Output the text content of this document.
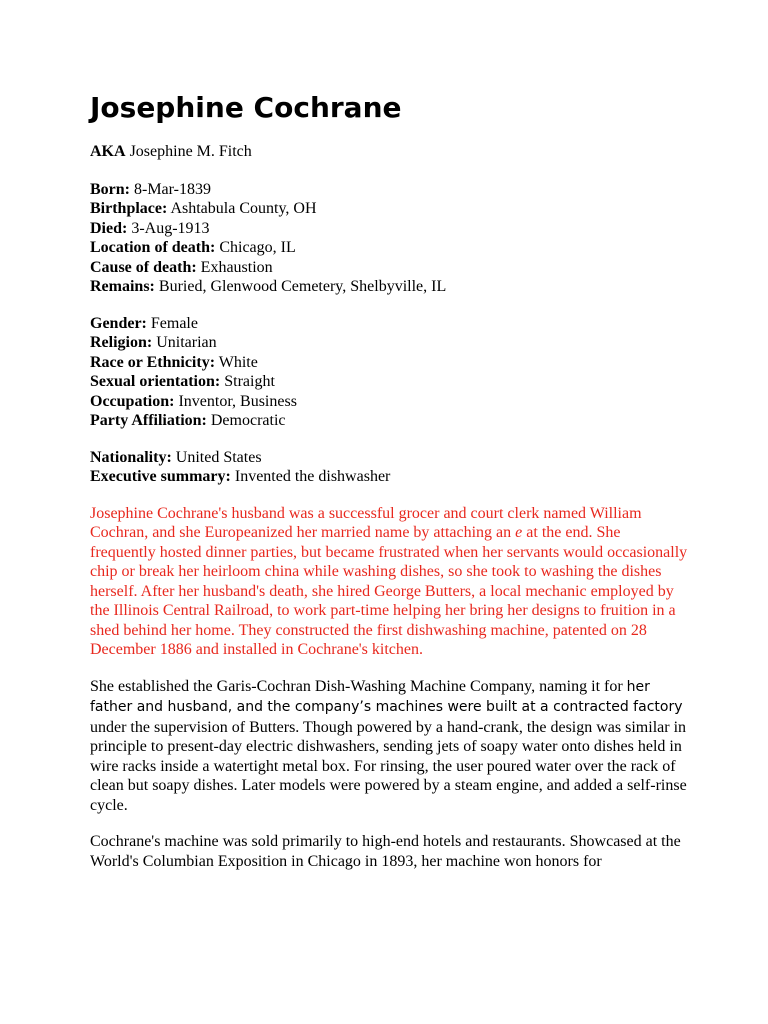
Josephine Cochrane
AKA Josephine M. Fitch
Born: 8-Mar-1839
Birthplace: Ashtabula County, OH
Died: 3-Aug-1913
Location of death: Chicago, IL
Cause of death: Exhaustion
Remains: Buried, Glenwood Cemetery, Shelbyville, IL
Gender: Female
Religion: Unitarian
Race or Ethnicity: White
Sexual orientation: Straight
Occupation: Inventor, Business
Party Affiliation: Democratic
Nationality: United States
Executive summary: Invented the dishwasher

Josephine Cochrane's husband was a successful grocer and court clerk named William Cochran, and she Europeanized her married name by attaching an e at the end. She frequently hosted dinner parties, but became frustrated when her servants would occasionally chip or break her heirloom china while washing dishes, so she took to washing the dishes herself. After her husband's death, she hired George Butters, a local mechanic employed by the Illinois Central Railroad, to work part-time helping her bring her designs to fruition in a shed behind her home. They constructed the first dishwashing machine, patented on 28 December 1886 and installed in Cochrane's kitchen.

She established the Garis-Cochran Dish-Washing Machine Company, naming it for her father and husband, and the company’s machines were built at a contracted factory under the supervision of Butters. Though powered by a hand-crank, the design was similar in principle to present-day electric dishwashers, sending jets of soapy water onto dishes held in wire racks inside a watertight metal box. For rinsing, the user poured water over the rack of clean but soapy dishes. Later models were powered by a steam engine, and added a self-rinse cycle.

Cochrane's machine was sold primarily to high-end hotels and restaurants. Showcased at the World's Columbian Exposition in Chicago in 1893, her machine won honors for
